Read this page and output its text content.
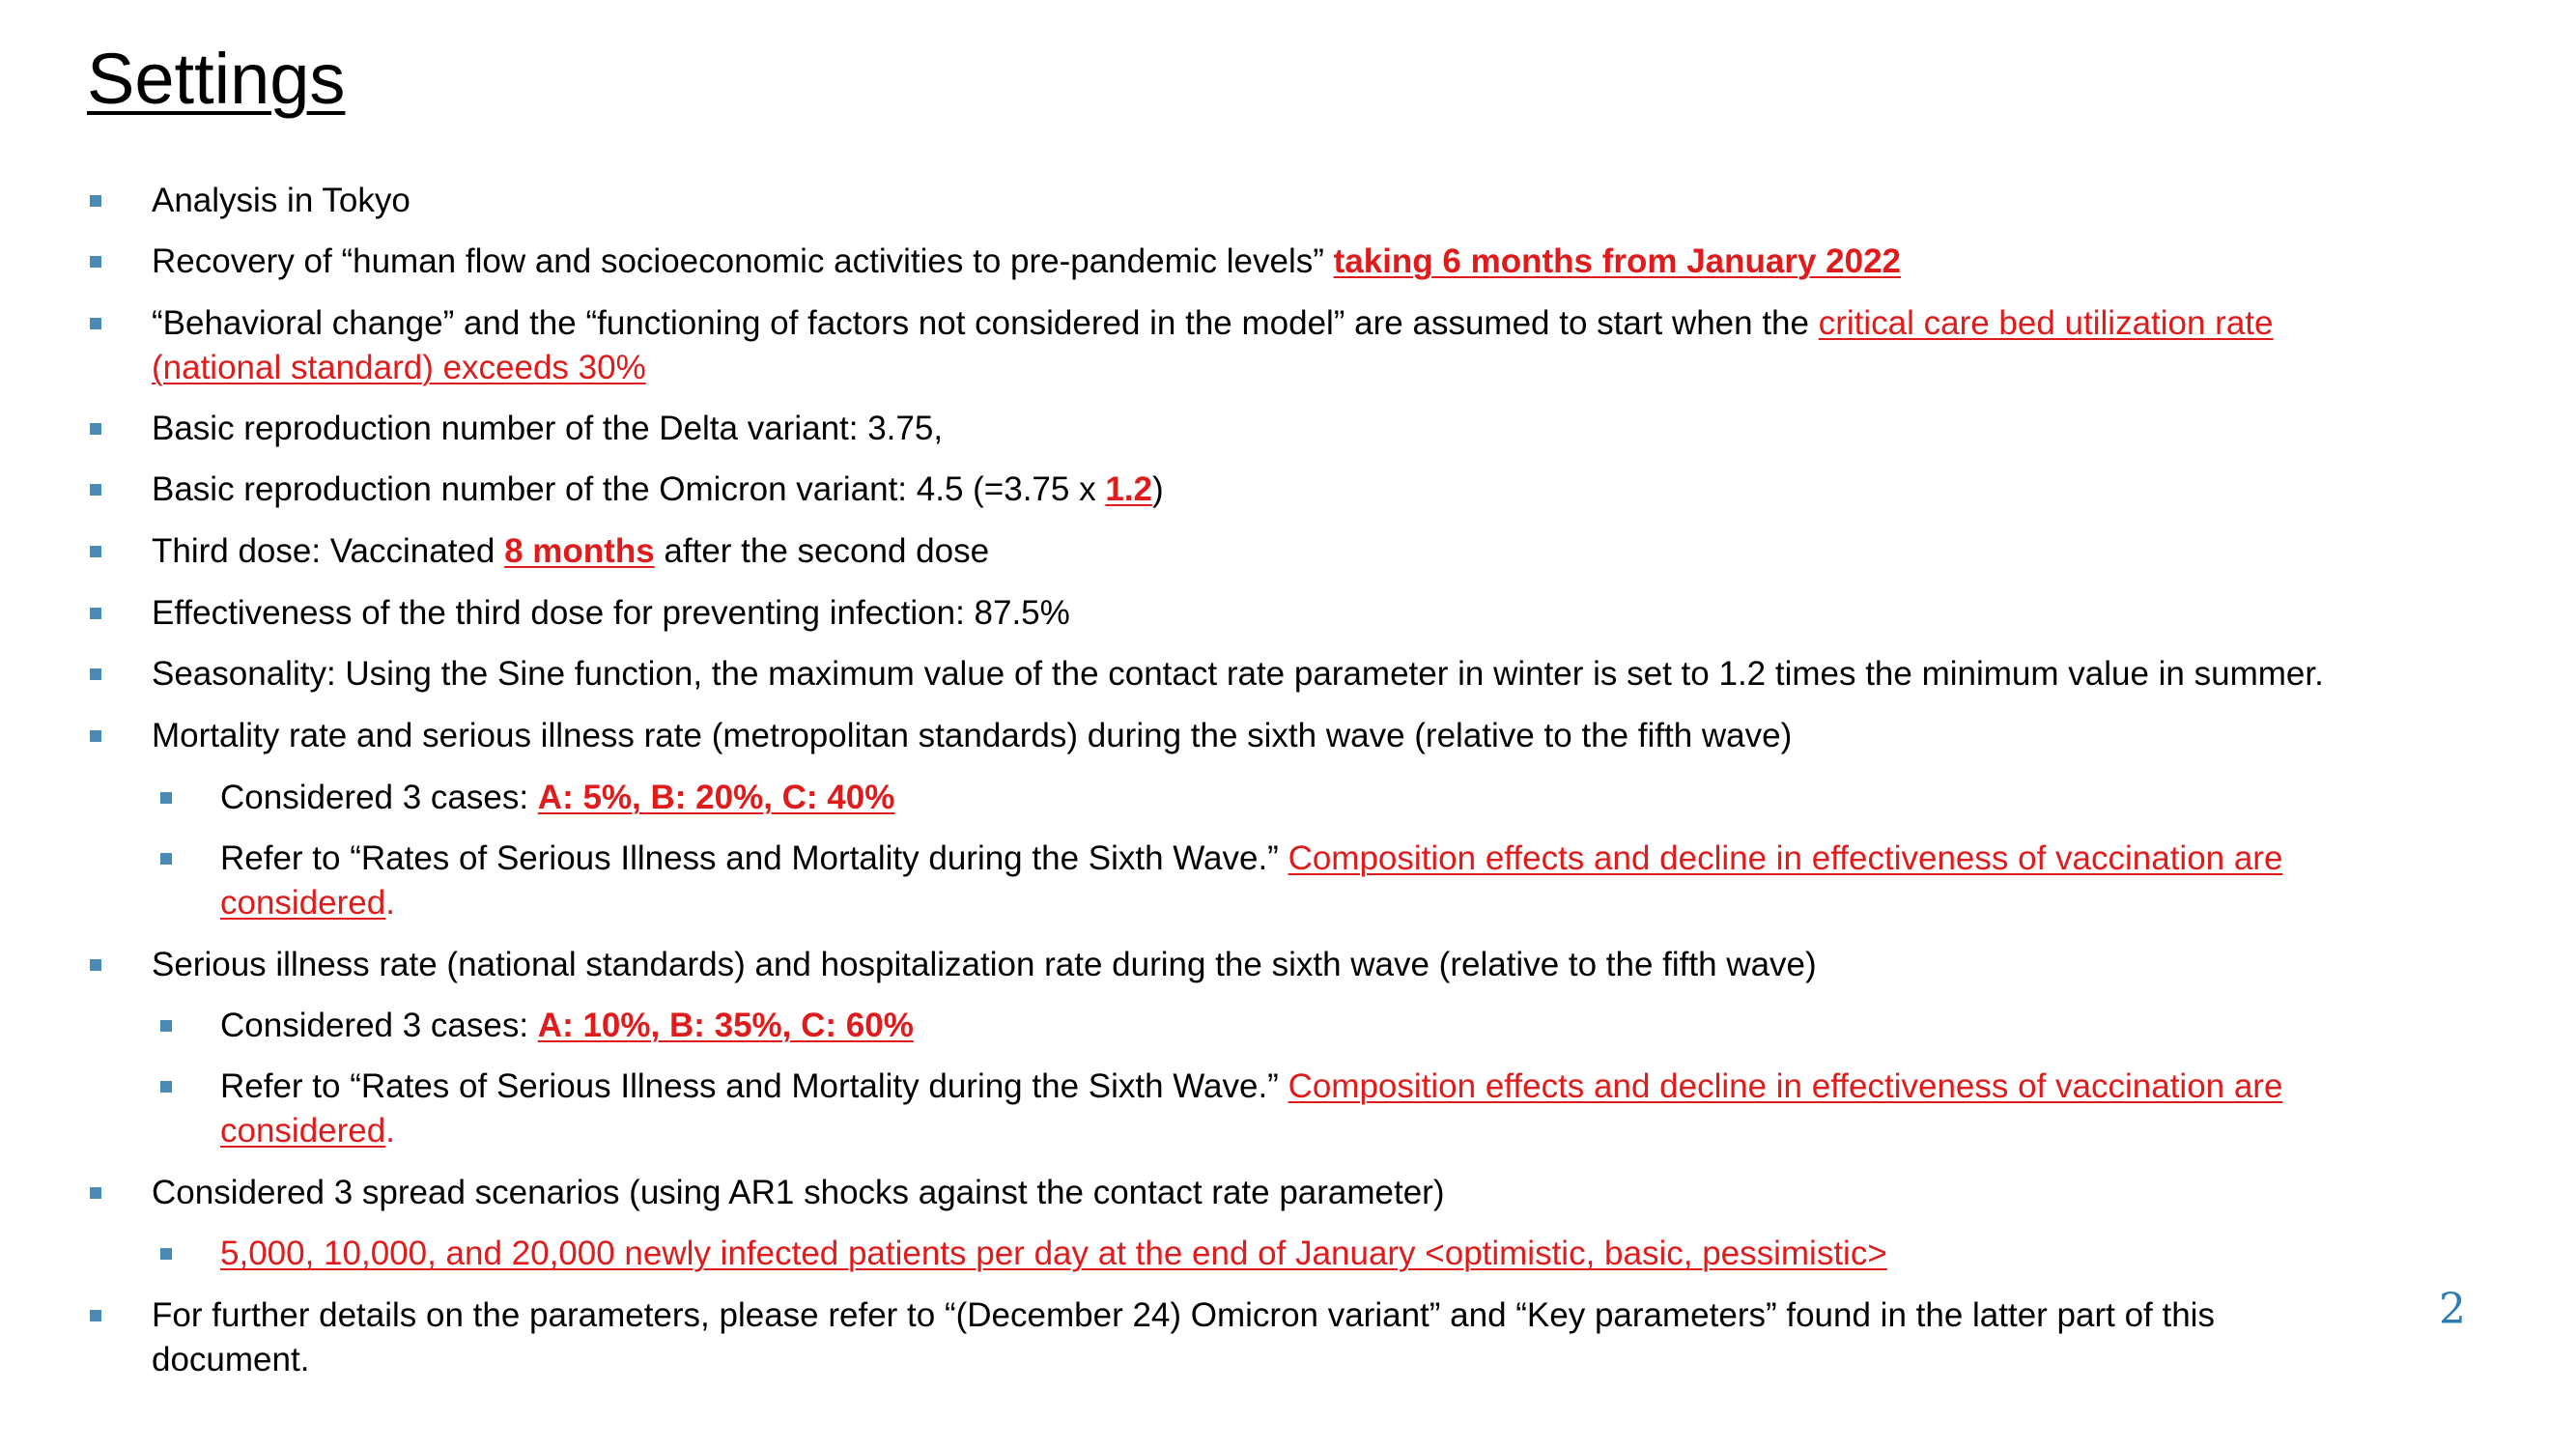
Settings
Analysis in Tokyo
Recovery of “human flow and socioeconomic activities to pre-pandemic levels” taking 6 months from January 2022
“Behavioral change” and the “functioning of factors not considered in the model” are assumed to start when the critical care bed utilization rate
(national standard) exceeds 30%
Basic reproduction number of the Delta variant: 3.75,
Basic reproduction number of the Omicron variant: 4.5 (=3.75 x 1.2)
Third dose: Vaccinated 8 months after the second dose
Effectiveness of the third dose for preventing infection: 87.5%
Seasonality: Using the Sine function, the maximum value of the contact rate parameter in winter is set to 1.2 times the minimum value in summer.
Mortality rate and serious illness rate (metropolitan standards) during the sixth wave (relative to the fifth wave)
Considered 3 cases: A: 5%, B: 20%, C: 40%
Refer to “Rates of Serious Illness and Mortality during the Sixth Wave.” Composition effects and decline in effectiveness of vaccination are
considered.
Serious illness rate (national standards) and hospitalization rate during the sixth wave (relative to the fifth wave)
Considered 3 cases: A: 10%, B: 35%, C: 60%
Refer to “Rates of Serious Illness and Mortality during the Sixth Wave.” Composition effects and decline in effectiveness of vaccination are
considered.
Considered 3 spread scenarios (using AR1 shocks against the contact rate parameter)
5,000, 10,000, and 20,000 newly infected patients per day at the end of January <optimistic, basic, pessimistic>
For further details on the parameters, please refer to “(December 24) Omicron variant” and “Key parameters” found in the latter part of this
document.
2
